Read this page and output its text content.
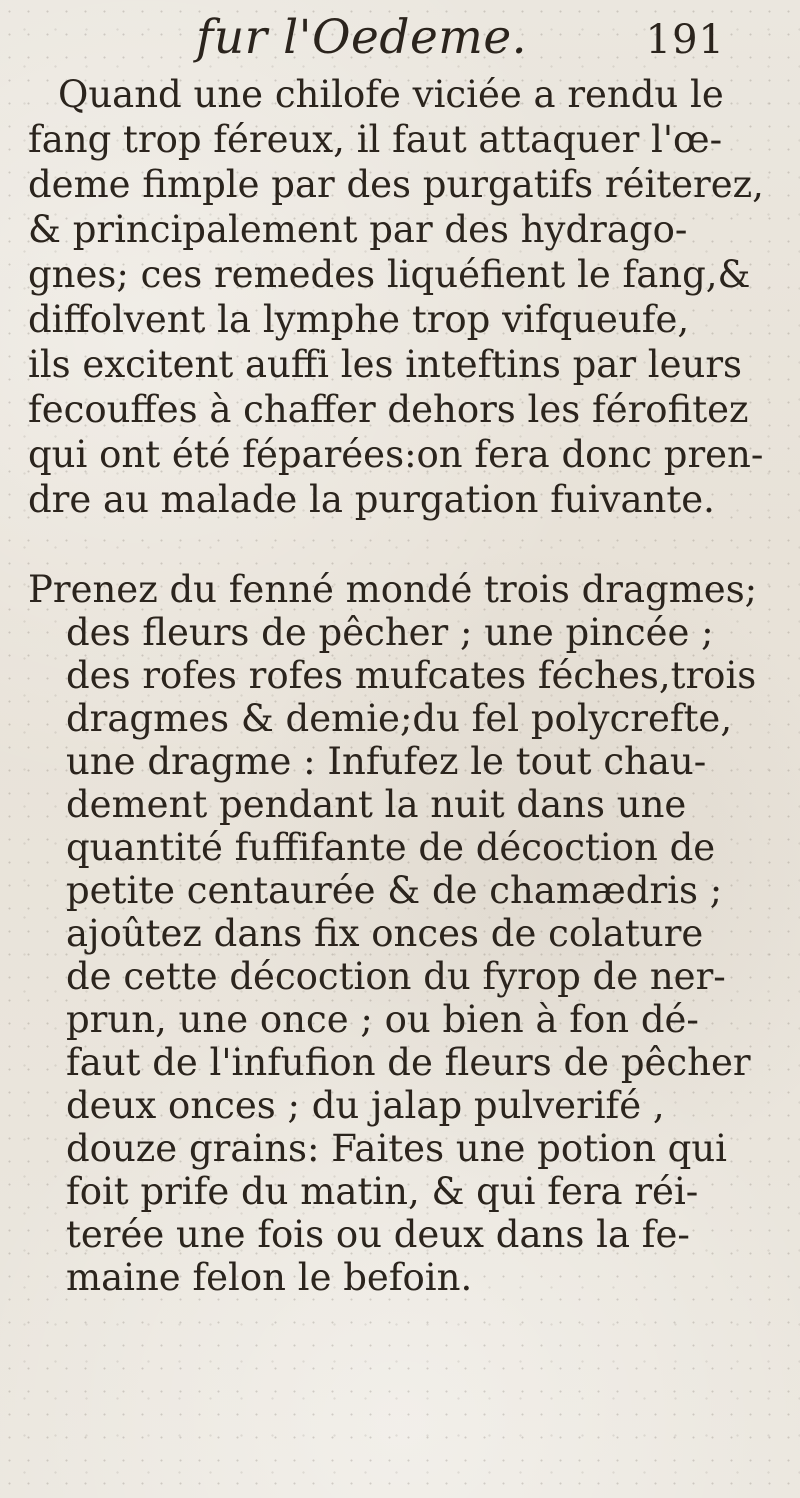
fur l'Oedeme.	191

Quand une chilofe viciée a rendu le
fang trop féreux, il faut attaquer l'œ-
deme fimple par des purgatifs réiterez,
& principalement par des hydrago-
gnes; ces remedes liquéfient le fang,&
diffolvent la lymphe trop vifqueufe,
ils excitent auffi les inteftins par leurs
fecouffes à chaffer dehors les férofitez
qui ont été féparées:on fera donc pren-
dre au malade la purgation fuivante.

Prenez du fenné mondé trois dragmes;
des fleurs de pêcher ; une pincée ;
des rofes rofes mufcates féches,trois
dragmes & demie;du fel polycrefte,
une dragme : Infufez le tout chau-
dement pendant la nuit dans une
quantité fuffifante de décoction de
petite centaurée & de chamædris ;
ajoûtez dans fix onces de colature
de cette décoction du fyrop de ner-
prun, une once ; ou bien à fon dé-
faut de l'infufion de fleurs de pêcher
deux onces ; du jalap pulverifé ,
douze grains: Faites une potion qui
foit prife du matin, & qui fera réi-
terée une fois ou deux dans la fe-
maine felon le befoin.
